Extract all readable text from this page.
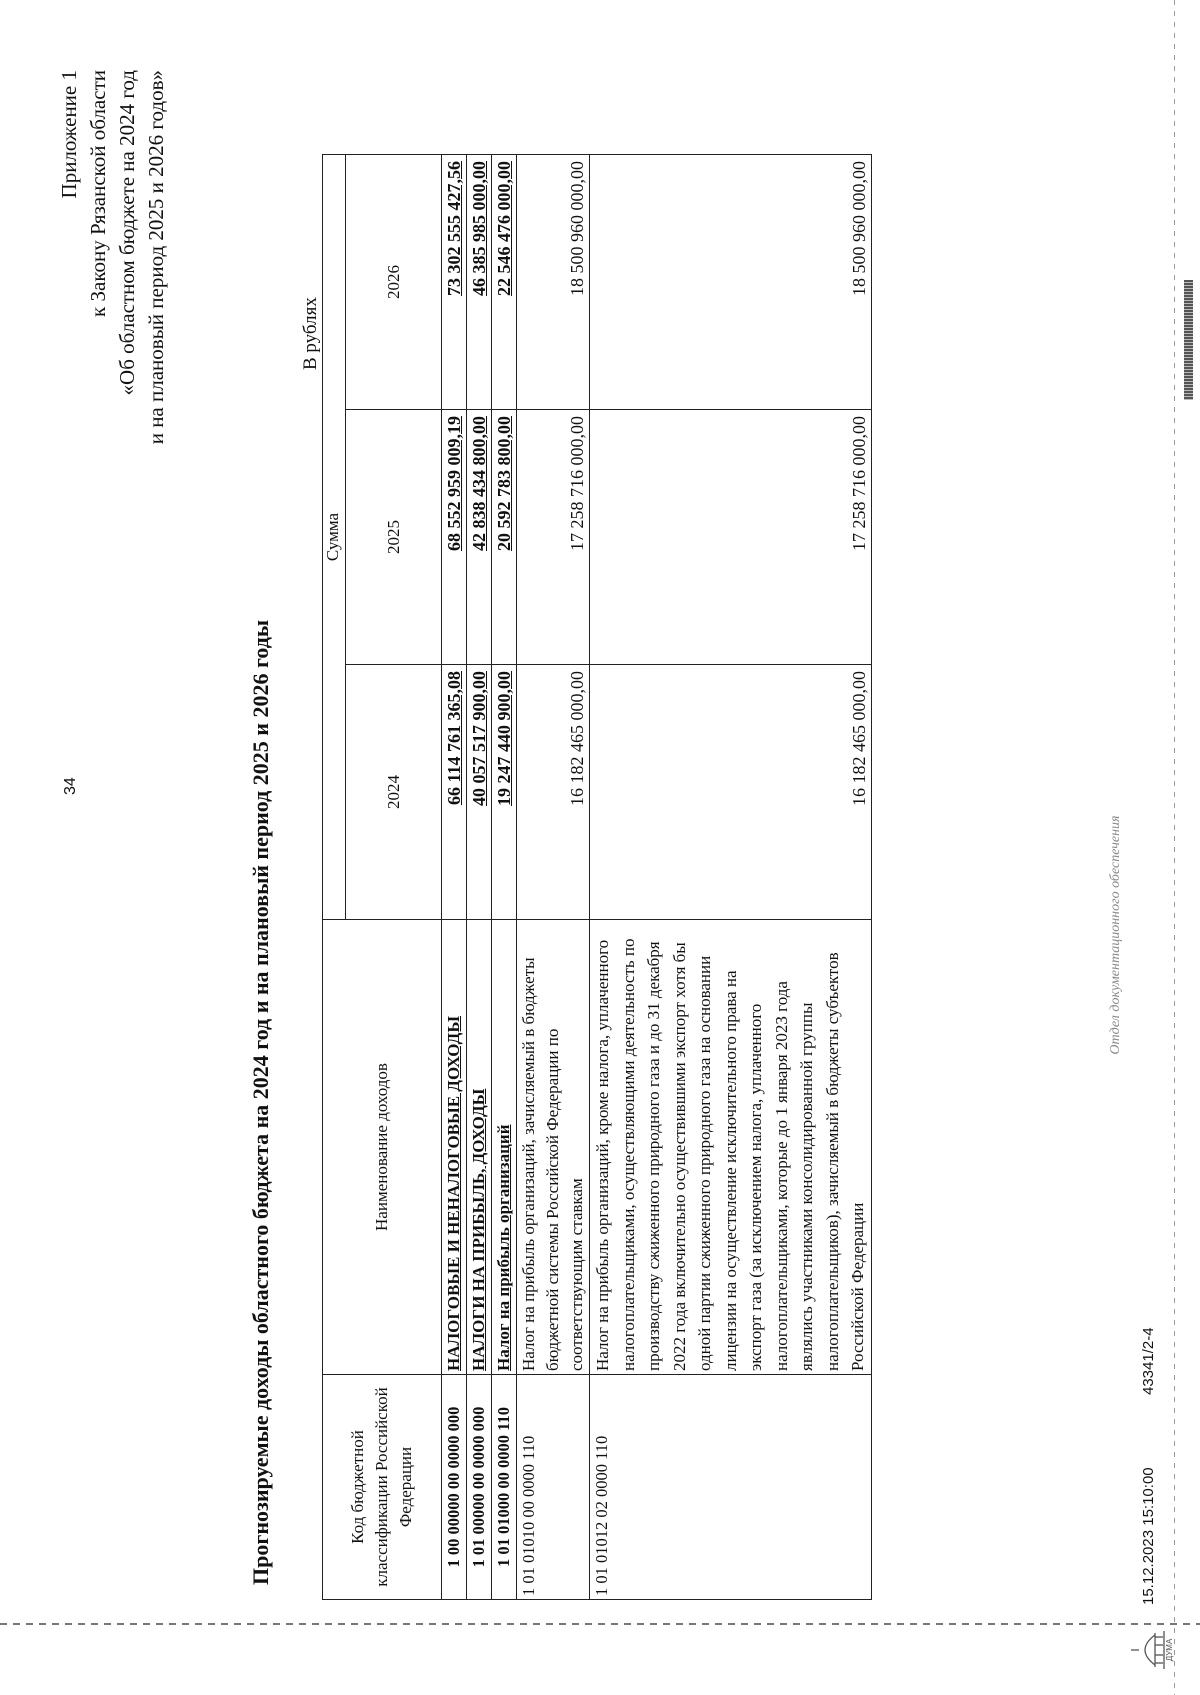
34
Приложение 1 к Закону Рязанской области «Об областном бюджете на 2024 год и на плановый период 2025 и 2026 годов»
Прогнозируемые доходы областного бюджета на 2024 год и на плановый период 2025 и 2026 годы
В рублях
Код бюджетной классификации Российской Федерации	Наименование доходов	Сумма		
		2024	2025	2026
1 00 00000 00 0000 000	НАЛОГОВЫЕ И НЕНАЛОГОВЫЕ ДОХОДЫ	66 114 761 365,08	68 552 959 009,19	73 302 555 427,56
1 01 00000 00 0000 000	НАЛОГИ НА ПРИБЫЛЬ, ДОХОДЫ	40 057 517 900,00	42 838 434 800,00	46 385 985 000,00
1 01 01000 00 0000 110	Налог на прибыль организаций	19 247 440 900,00	20 592 783 800,00	22 546 476 000,00
1 01 01010 00 0000 110	Налог на прибыль организаций, зачисляемый в бюджеты бюджетной системы Российской Федерации по соответствующим ставкам	16 182 465 000,00	17 258 716 000,00	18 500 960 000,00
1 01 01012 02 0000 110	Налог на прибыль организаций, кроме налога, уплаченного налогоплательщиками, осуществляющими деятельность по производству сжиженного природного газа и до 31 декабря 2022 года включительно осуществившими экспорт хотя бы одной партии сжиженного природного газа на основании лицензии на осуществление исключительного права на экспорт газа (за исключением налога, уплаченного налогоплательщиками, которые до 1 января 2023 года являлись участниками консолидированной группы налогоплательщиков), зачисляемый в бюджеты субъектов Российской Федерации	16 182 465 000,00	17 258 716 000,00	18 500 960 000,00
ДУМА
15.12.2023 15:10:00
43341/2-4
Отдел документационного обеспечения
